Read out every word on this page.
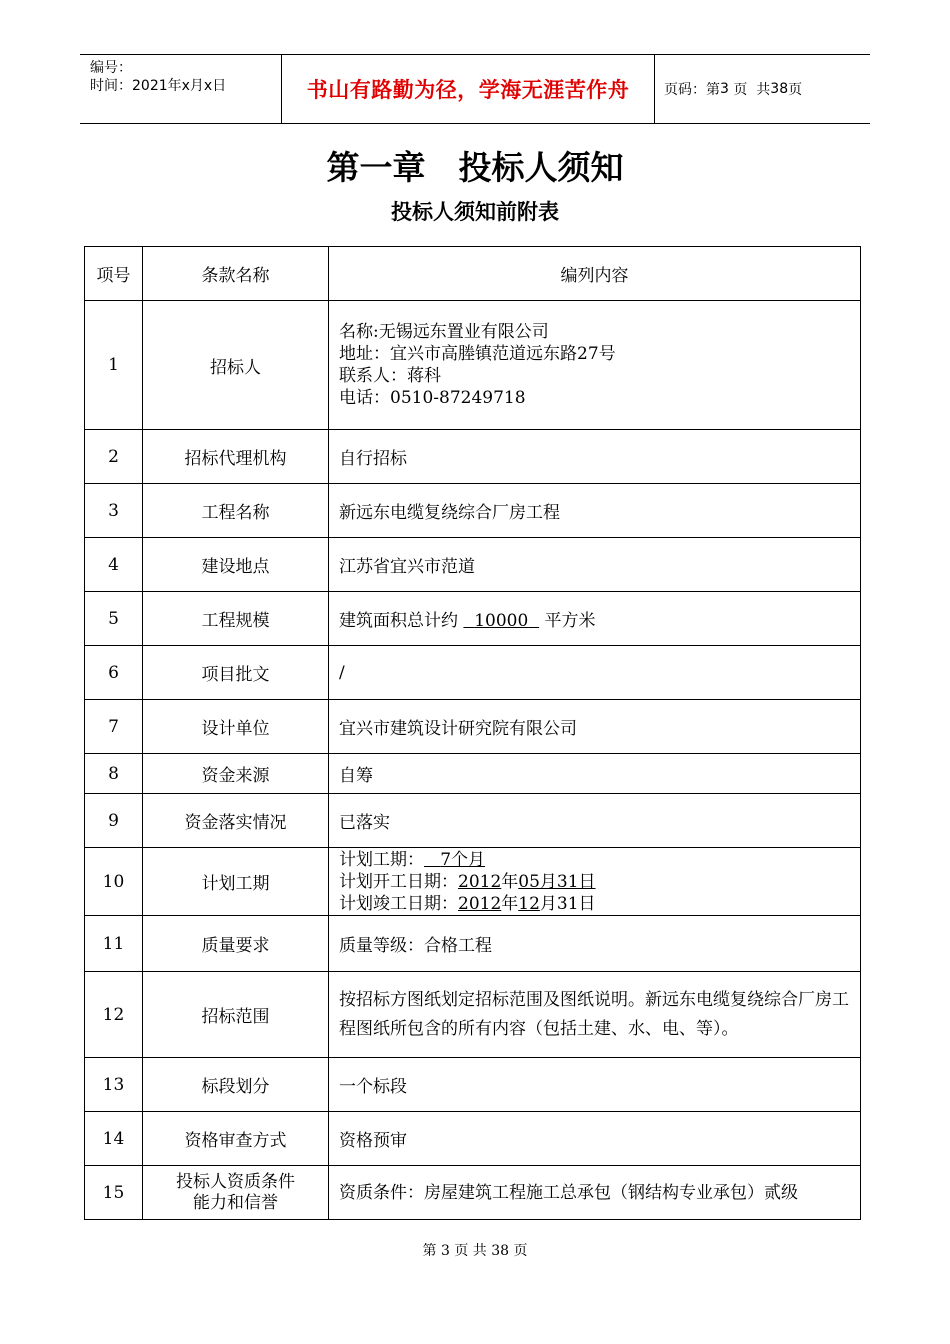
编号：
时间：2021年x月x日	书山有路勤为径，学海无涯苦作舟	页码：第 3
页  共 38 页
第一章　投标人须知
投标人须知前附表
项号	条款名称	编列内容
1	招标人	名称:无锡远东置业有限公司
地址：宜兴市高塍镇范道远东路27号
联系人：蒋科
电话：0510-87249718

2	招标代理机构	自行招标
3	工程名称	新远东电缆复绕综合厂房工程
4	建设地点	江苏省宜兴市范道
5	工程规模	建筑面积总计约 10000 平方米
6	项目批文	/
7	设计单位	宜兴市建筑设计研究院有限公司
8	资金来源	自筹
9	资金落实情况	已落实
10	计划工期	计划工期： 7个月
计划开工日期：2012年05月31日
计划竣工日期：2012年12月31日

11	质量要求	质量等级：合格工程
12	招标范围	按招标方图纸划定招标范围及图纸说明。新远东电缆复绕综合厂房工程图纸所包含的所有内容（包括土建、水、电、等）。
13	标段划分	一个标段
14	资格审查方式	资格预审
15	投标人资质条件
能力和信誉	资质条件：房屋建筑工程施工总承包（钢结构专业承包）贰级
第 3 页 共 38 页
